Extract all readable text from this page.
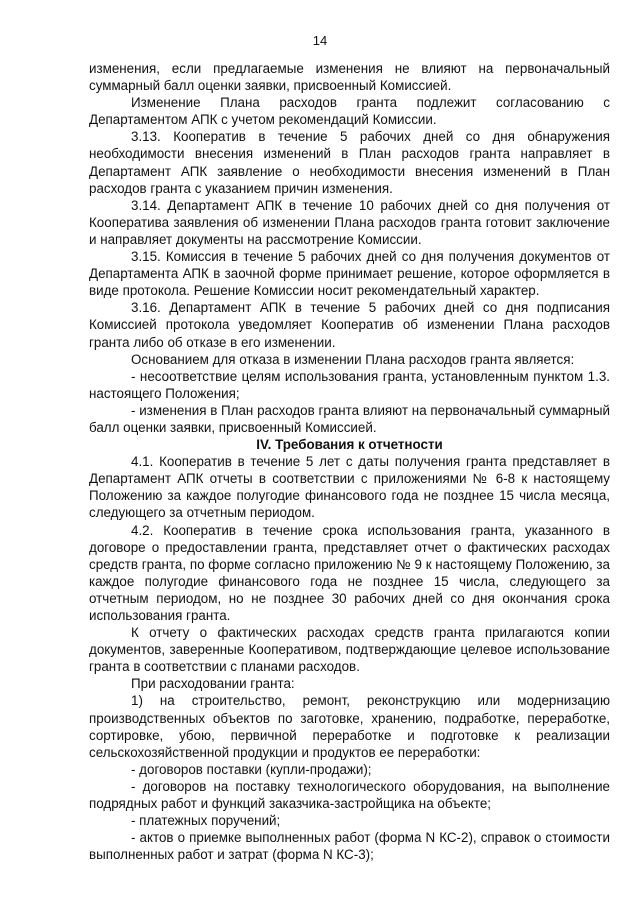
14

изменения, если предлагаемые изменения не влияют на первоначальный суммарный балл оценки заявки, присвоенный Комиссией.

Изменение Плана расходов гранта подлежит согласованию с Департаментом АПК с учетом рекомендаций Комиссии.

3.13. Кооператив в течение 5 рабочих дней со дня обнаружения необходимости внесения изменений в План расходов гранта направляет в Департамент АПК заявление о необходимости внесения изменений в План расходов гранта с указанием причин изменения.

3.14. Департамент АПК в течение 10 рабочих дней со дня получения от Кооператива заявления об изменении Плана расходов гранта готовит заключение и направляет документы на рассмотрение Комиссии.

3.15. Комиссия в течение 5 рабочих дней со дня получения документов от Департамента АПК в заочной форме принимает решение, которое оформляется в виде протокола. Решение Комиссии носит рекомендательный характер.

3.16. Департамент АПК в течение 5 рабочих дней со дня подписания Комиссией протокола уведомляет Кооператив об изменении Плана расходов гранта либо об отказе в его изменении.

Основанием для отказа в изменении Плана расходов гранта является:

- несоответствие целям использования гранта, установленным пунктом 1.3. настоящего Положения;

- изменения в План расходов гранта влияют на первоначальный суммарный балл оценки заявки, присвоенный Комиссией.

IV. Требования к отчетности

4.1. Кооператив в течение 5 лет с даты получения гранта представляет в Департамент АПК отчеты в соответствии с приложениями № 6-8 к настоящему Положению за каждое полугодие финансового года не позднее 15 числа месяца, следующего за отчетным периодом.

4.2. Кооператив в течение срока использования гранта, указанного в договоре о предоставлении гранта, представляет отчет о фактических расходах средств гранта, по форме согласно приложению № 9 к настоящему Положению, за каждое полугодие финансового года не позднее 15 числа, следующего за отчетным периодом, но не позднее 30 рабочих дней со дня окончания срока использования гранта.

К отчету о фактических расходах средств гранта прилагаются копии документов, заверенные Кооперативом, подтверждающие целевое использование гранта в соответствии с планами расходов.

При расходовании гранта:

1) на строительство, ремонт, реконструкцию или модернизацию производственных объектов по заготовке, хранению, подработке, переработке, сортировке, убою, первичной переработке и подготовке к реализации сельскохозяйственной продукции и продуктов ее переработки:

- договоров поставки (купли-продажи);

- договоров на поставку технологического оборудования, на выполнение подрядных работ и функций заказчика-застройщика на объекте;

- платежных поручений;

- актов о приемке выполненных работ (форма N КС-2), справок о стоимости выполненных работ и затрат (форма N КС-3);
